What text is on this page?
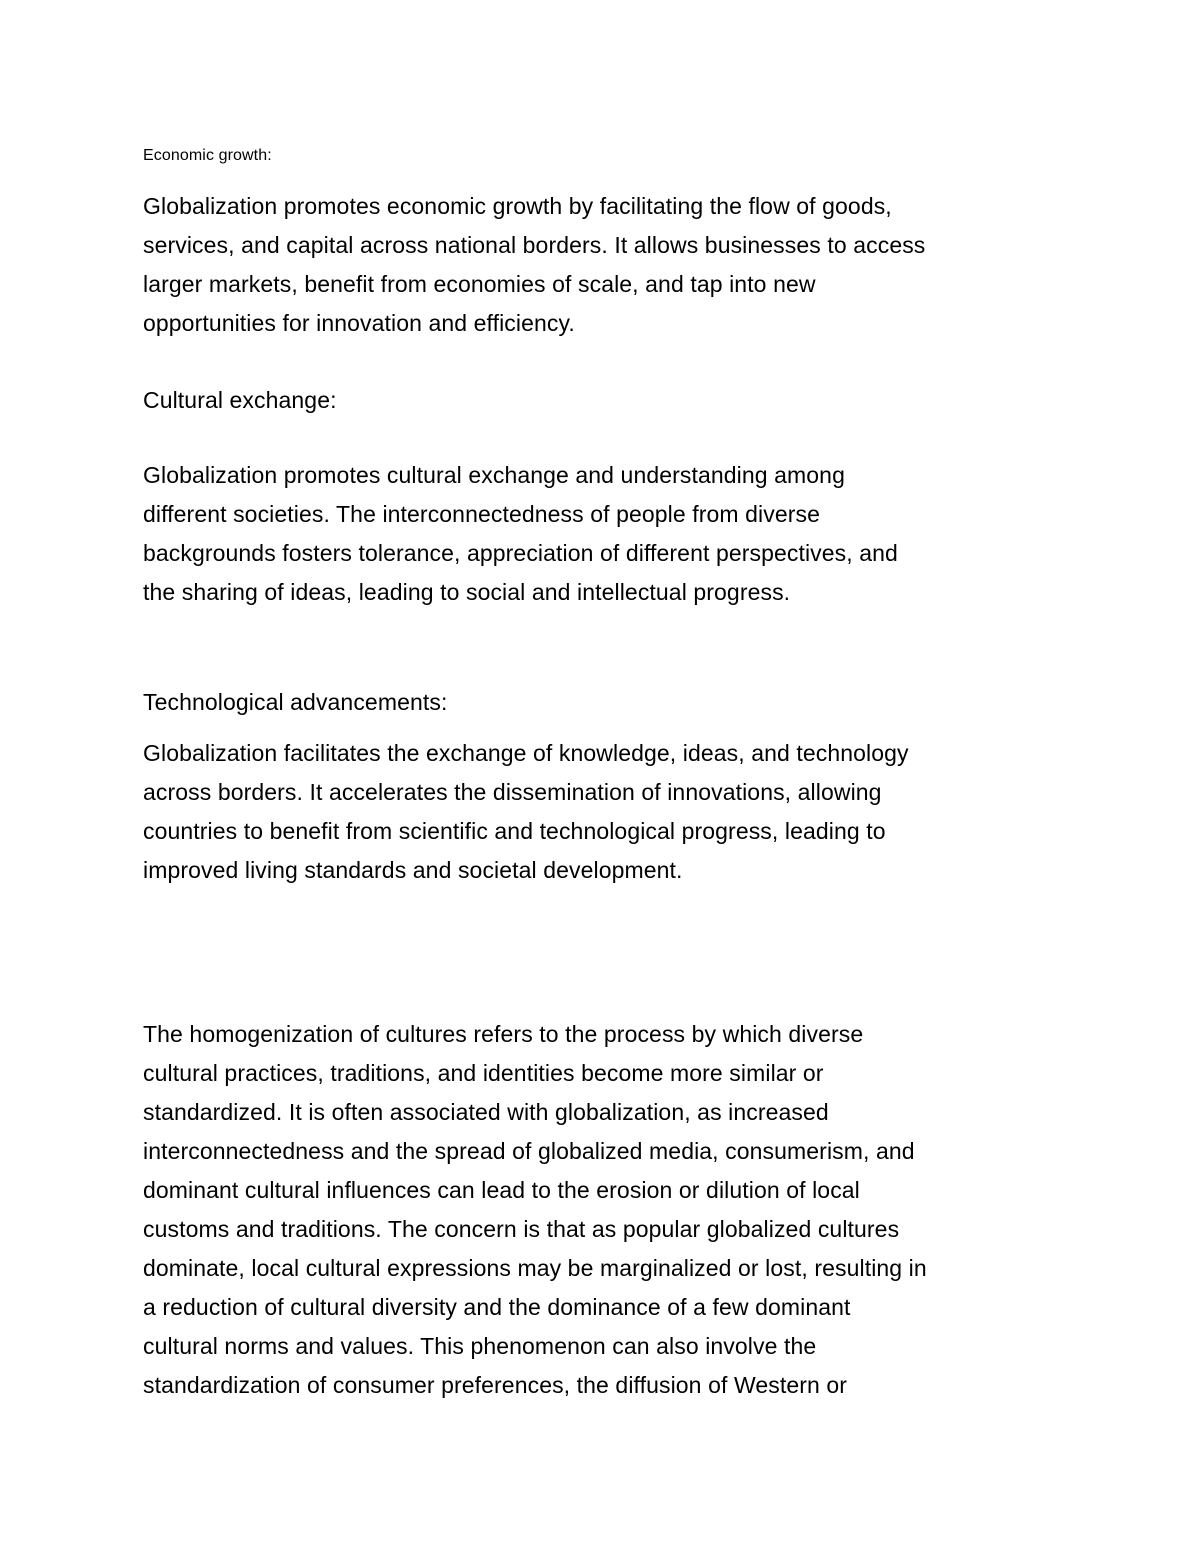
Economic growth:

Globalization promotes economic growth by facilitating the flow of goods,
services, and capital across national borders. It allows businesses to access
larger markets, benefit from economies of scale, and tap into new
opportunities for innovation and efficiency.

Cultural exchange:

Globalization promotes cultural exchange and understanding among
different societies. The interconnectedness of people from diverse
backgrounds fosters tolerance, appreciation of different perspectives, and
the sharing of ideas, leading to social and intellectual progress.

Technological advancements:

Globalization facilitates the exchange of knowledge, ideas, and technology
across borders. It accelerates the dissemination of innovations, allowing
countries to benefit from scientific and technological progress, leading to
improved living standards and societal development.

The homogenization of cultures refers to the process by which diverse
cultural practices, traditions, and identities become more similar or
standardized. It is often associated with globalization, as increased
interconnectedness and the spread of globalized media, consumerism, and
dominant cultural influences can lead to the erosion or dilution of local
customs and traditions. The concern is that as popular globalized cultures
dominate, local cultural expressions may be marginalized or lost, resulting in
a reduction of cultural diversity and the dominance of a few dominant
cultural norms and values. This phenomenon can also involve the
standardization of consumer preferences, the diffusion of Western or
